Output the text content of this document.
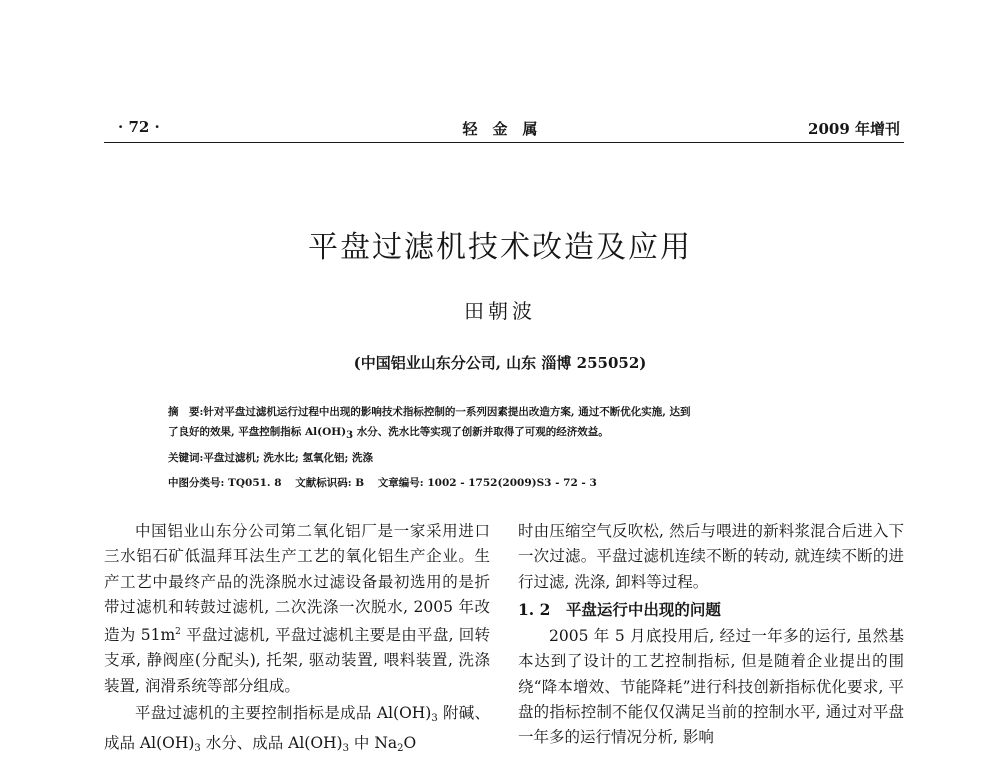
· 72 ·	轻　金　属	2009 年增刊
平盘过滤机技术改造及应用
田朝波
(中国铝业山东分公司, 山东 淄博 255052)
摘　要:针对平盘过滤机运行过程中出现的影响技术指标控制的一系列因素提出改造方案, 通过不断优化实施, 达到
了良好的效果, 平盘控制指标 Al(OH)3 水分、洗水比等实现了创新并取得了可观的经济效益。
关键词:平盘过滤机; 洗水比; 氢氧化铝; 洗涤
中图分类号: TQ051. 8 文献标识码: B 文章编号: 1002 - 1752(2009)S3 - 72 - 3

中国铝业山东分公司第二氧化铝厂是一家采用进口三水铝石矿低温拜耳法生产工艺的氧化铝生产企业。生产工艺中最终产品的洗涤脱水过滤设备最初选用的是折带过滤机和转鼓过滤机, 二次洗涤一次脱水, 2005 年改造为 $51m^2$ 平盘过滤机, 平盘过滤机主要是由平盘, 回转支承, 静阀座(分配头), 托架, 驱动装置, 喂料装置, 洗涤装置, 润滑系统等部分组成。

平盘过滤机的主要控制指标是成品 $Al(OH)_3$ 附碱、成品 $Al(OH)_3$ 水分、成品 $Al(OH)_3$ 中 $Na_2O$

时由压缩空气反吹松, 然后与喂进的新料浆混合后进入下一次过滤。平盘过滤机连续不断的转动, 就连续不断的进行过滤, 洗涤, 卸料等过程。

1. 2　平盘运行中出现的问题

2005 年 5 月底投用后, 经过一年多的运行, 虽然基本达到了设计的工艺控制指标, 但是随着企业提出的围绕“降本增效、节能降耗”进行科技创新指标优化要求, 平盘的指标控制不能仅仅满足当前的控制水平, 通过对平盘一年多的运行情况分析, 影响
